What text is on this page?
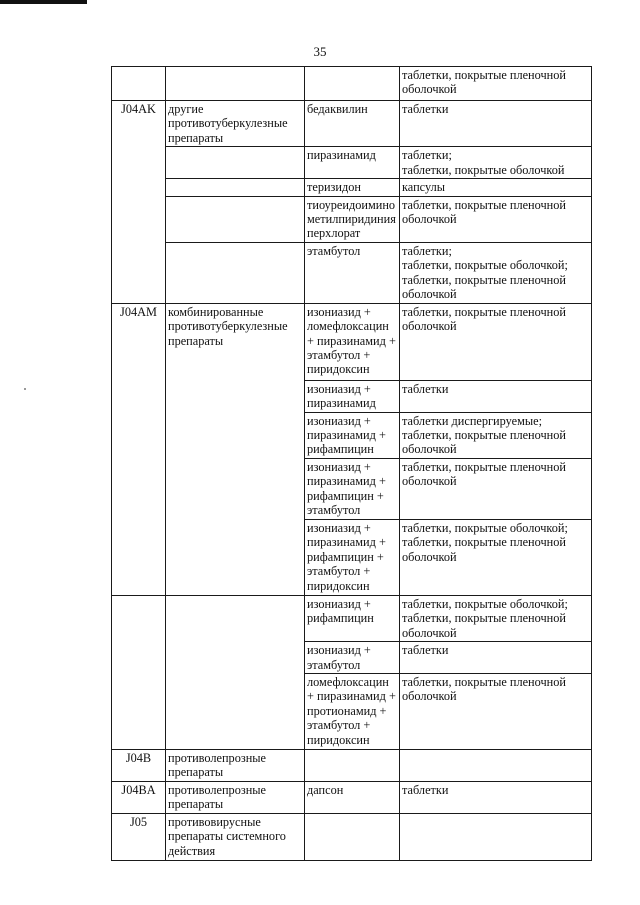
35
			таблетки, покрытые пленочной
оболочкой
J04AK	другие
противотуберкулезные
препараты	бедаквилин	таблетки
		пиразинамид	таблетки;
таблетки, покрытые оболочкой
		теризидон	капсулы
		тиоуреидоимино
метилпиридиния
перхлорат	таблетки, покрытые пленочной
оболочкой
		этамбутол	таблетки;
таблетки, покрытые оболочкой;
таблетки, покрытые пленочной
оболочкой
J04AM	комбинированные
противотуберкулезные
препараты	изониазид +
ломефлоксацин
+ пиразинамид +
этамбутол +
пиридоксин	таблетки, покрытые пленочной
оболочкой
		изониазид +
пиразинамид	таблетки
		изониазид +
пиразинамид +
рифампицин	таблетки диспергируемые;
таблетки, покрытые пленочной
оболочкой
		изониазид +
пиразинамид +
рифампицин +
этамбутол	таблетки, покрытые пленочной
оболочкой
		изониазид +
пиразинамид +
рифампицин +
этамбутол +
пиридоксин	таблетки, покрытые оболочкой;
таблетки, покрытые пленочной
оболочкой
		изониазид +
рифампицин	таблетки, покрытые оболочкой;
таблетки, покрытые пленочной
оболочкой
		изониазид +
этамбутол	таблетки
		ломефлоксацин
+ пиразинамид +
протионамид +
этамбутол +
пиридоксин	таблетки, покрытые пленочной
оболочкой
J04B	противолепрозные
препараты		
J04BA	противолепрозные
препараты	дапсон	таблетки
J05	противовирусные
препараты системного
действия		
